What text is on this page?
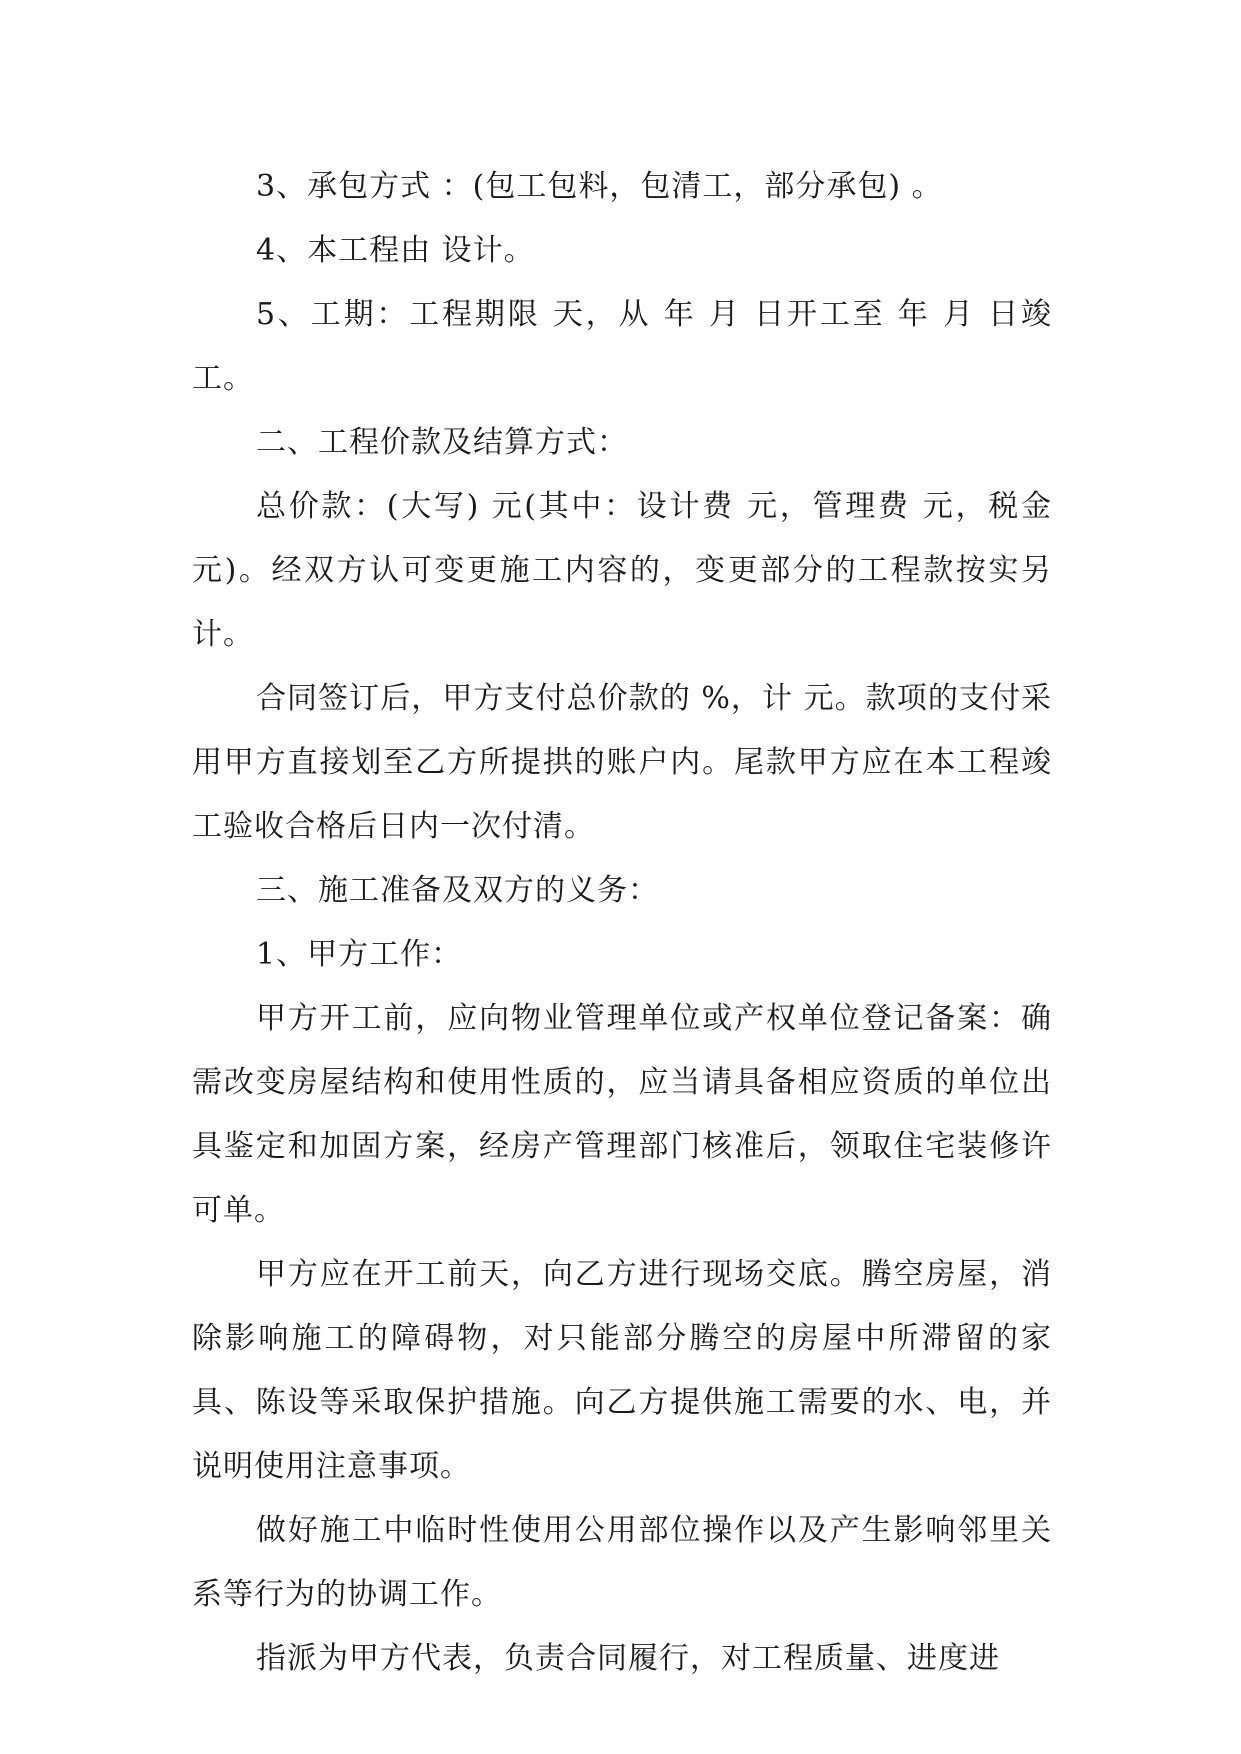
3、承包方式 ：(包工包料，包清工，部分承包) 。

4、本工程由 设计。

5、工期：工程期限 天，从 年 月 日开工至 年 月 日竣工。

二、工程价款及结算方式：

总价款：(大写) 元(其中：设计费 元，管理费 元，税金 元)。经双方认可变更施工内容的，变更部分的工程款按实另计。

合同签订后，甲方支付总价款的 %，计 元。款项的支付采用甲方直接划至乙方所提拱的账户内。尾款甲方应在本工程竣工验收合格后日内一次付清。

三、施工准备及双方的义务：

1、甲方工作：

甲方开工前，应向物业管理单位或产权单位登记备案：确需改变房屋结构和使用性质的，应当请具备相应资质的单位出具鉴定和加固方案，经房产管理部门核准后，领取住宅装修许可单。

甲方应在开工前天，向乙方进行现场交底。腾空房屋，消除影响施工的障碍物，对只能部分腾空的房屋中所滞留的家具、陈设等采取保护措施。向乙方提供施工需要的水、电，并说明使用注意事项。

做好施工中临时性使用公用部位操作以及产生影响邻里关系等行为的协调工作。

指派为甲方代表，负责合同履行，对工程质量、进度进
